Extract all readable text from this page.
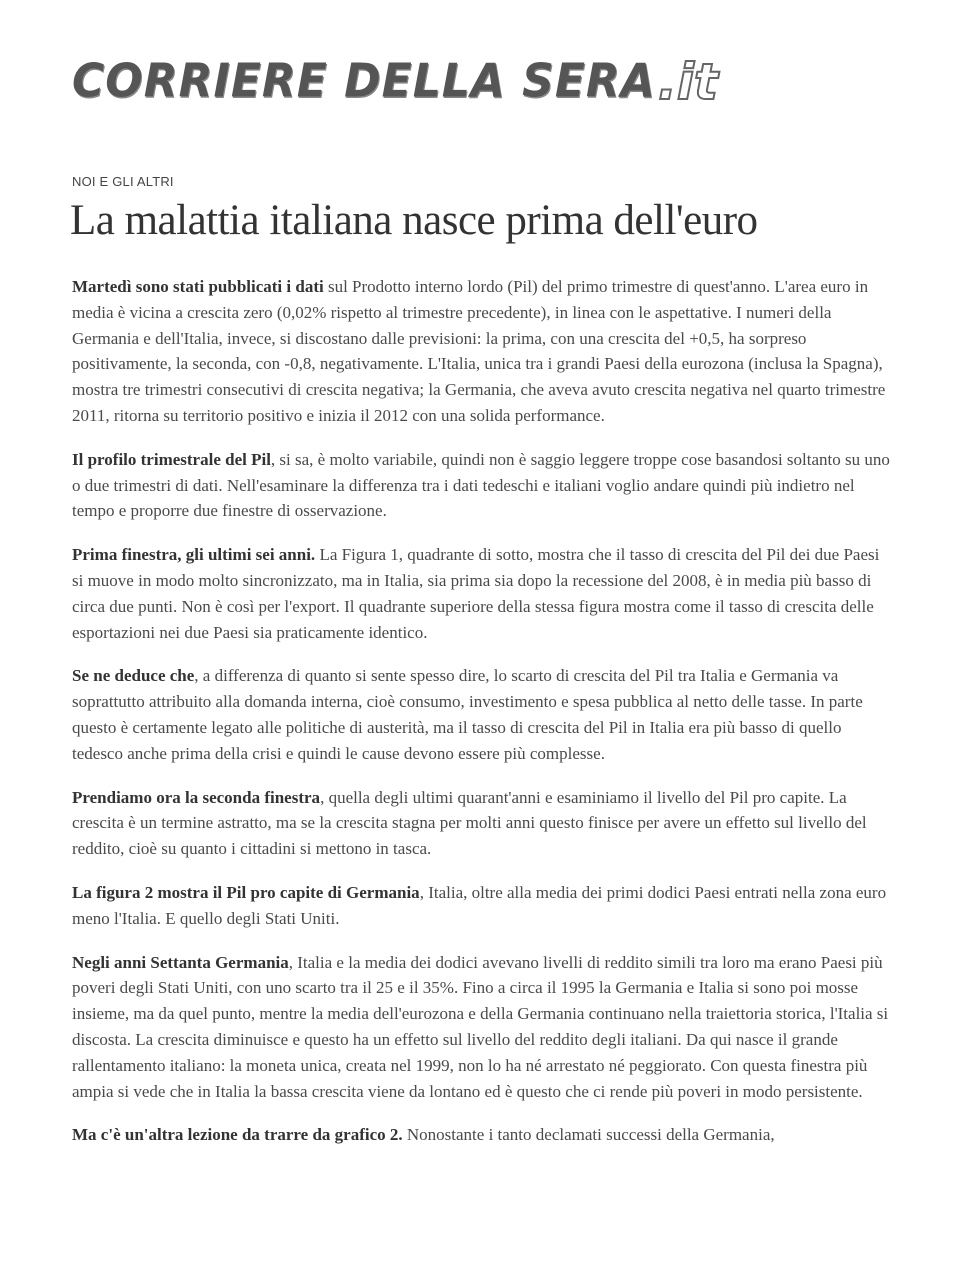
CORRIERE DELLA SERA .it
NOI E GLI ALTRI
La malattia italiana nasce prima dell'euro

Martedì sono stati pubblicati i dati sul Prodotto interno lordo (Pil) del primo trimestre di quest'anno. L'area euro in media è vicina a crescita zero (0,02% rispetto al trimestre precedente), in linea con le aspettative. I numeri della Germania e dell'Italia, invece, si discostano dalle previsioni: la prima, con una crescita del +0,5, ha sorpreso positivamente, la seconda, con -0,8, negativamente. L'Italia, unica tra i grandi Paesi della eurozona (inclusa la Spagna), mostra tre trimestri consecutivi di crescita negativa; la Germania, che aveva avuto crescita negativa nel quarto trimestre 2011, ritorna su territorio positivo e inizia il 2012 con una solida performance.

Il profilo trimestrale del Pil, si sa, è molto variabile, quindi non è saggio leggere troppe cose basandosi soltanto su uno o due trimestri di dati. Nell'esaminare la differenza tra i dati tedeschi e italiani voglio andare quindi più indietro nel tempo e proporre due finestre di osservazione.

Prima finestra, gli ultimi sei anni. La Figura 1, quadrante di sotto, mostra che il tasso di crescita del Pil dei due Paesi si muove in modo molto sincronizzato, ma in Italia, sia prima sia dopo la recessione del 2008, è in media più basso di circa due punti. Non è così per l'export. Il quadrante superiore della stessa figura mostra come il tasso di crescita delle esportazioni nei due Paesi sia praticamente identico.

Se ne deduce che, a differenza di quanto si sente spesso dire, lo scarto di crescita del Pil tra Italia e Germania va soprattutto attribuito alla domanda interna, cioè consumo, investimento e spesa pubblica al netto delle tasse. In parte questo è certamente legato alle politiche di austerità, ma il tasso di crescita del Pil in Italia era più basso di quello tedesco anche prima della crisi e quindi le cause devono essere più complesse.

Prendiamo ora la seconda finestra, quella degli ultimi quarant'anni e esaminiamo il livello del Pil pro capite. La crescita è un termine astratto, ma se la crescita stagna per molti anni questo finisce per avere un effetto sul livello del reddito, cioè su quanto i cittadini si mettono in tasca.

La figura 2 mostra il Pil pro capite di Germania, Italia, oltre alla media dei primi dodici Paesi entrati nella zona euro meno l'Italia. E quello degli Stati Uniti.

Negli anni Settanta Germania, Italia e la media dei dodici avevano livelli di reddito simili tra loro ma erano Paesi più poveri degli Stati Uniti, con uno scarto tra il 25 e il 35%. Fino a circa il 1995 la Germania e Italia si sono poi mosse insieme, ma da quel punto, mentre la media dell'eurozona e della Germania continuano nella traiettoria storica, l'Italia si discosta. La crescita diminuisce e questo ha un effetto sul livello del reddito degli italiani. Da qui nasce il grande rallentamento italiano: la moneta unica, creata nel 1999, non lo ha né arrestato né peggiorato. Con questa finestra più ampia si vede che in Italia la bassa crescita viene da lontano ed è questo che ci rende più poveri in modo persistente.

Ma c'è un'altra lezione da trarre da grafico 2. Nonostante i tanto declamati successi della Germania,
